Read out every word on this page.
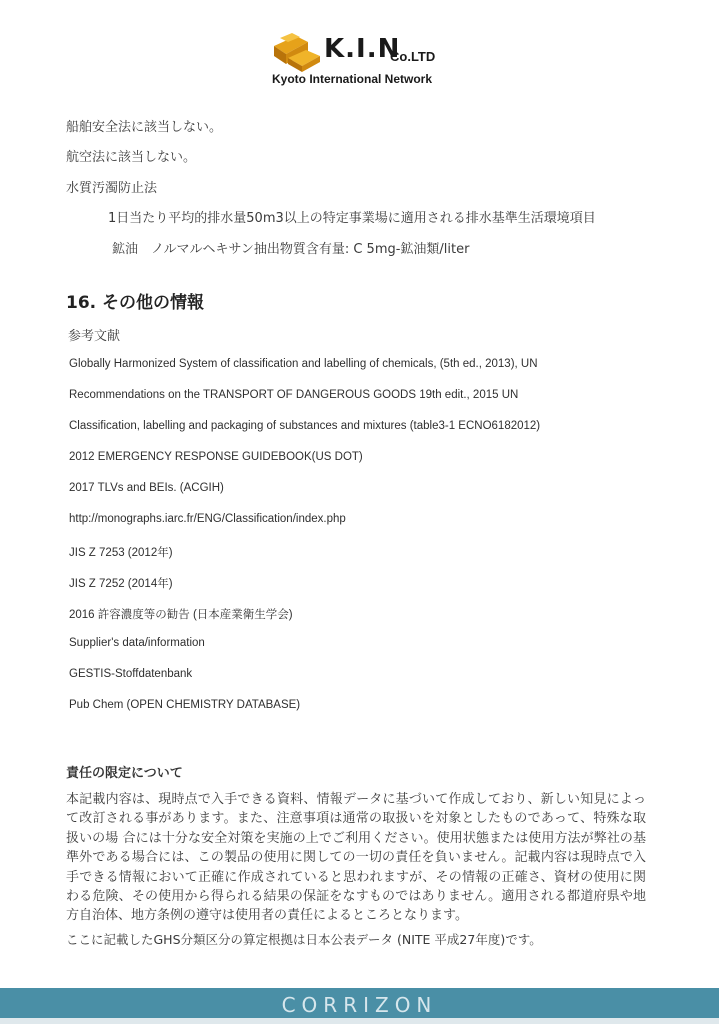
K.I.N
Co.LTD
Kyoto International Network
船舶安全法に該当しない。
航空法に該当しない。
水質汚濁防止法
1日当たり平均的排水量50m3以上の特定事業場に適用される排水基準生活環境項目
鉱油　ノルマルヘキサン抽出物質含有量: C 5mg-鉱油類/liter
16. その他の情報
参考文献
Globally Harmonized System of classification and labelling of chemicals, (5th ed., 2013), UN
Recommendations on the TRANSPORT OF DANGEROUS GOODS 19th edit., 2015 UN
Classification, labelling and packaging of substances and mixtures (table3-1 ECNO6182012)
2012 EMERGENCY RESPONSE GUIDEBOOK(US DOT)
2017 TLVs and BEIs. (ACGIH)
http://monographs.iarc.fr/ENG/Classification/index.php
JIS Z 7253 (2012年)
JIS Z 7252 (2014年)
2016 許容濃度等の勧告 (日本産業衛生学会)
Supplier's data/information
GESTIS-Stoffdatenbank
Pub Chem (OPEN CHEMISTRY DATABASE)
責任の限定について
本記載内容は、現時点で入手できる資料、情報データに基づいて作成しており、新しい知見によって改訂される事があります。また、注意事項は通常の取扱いを対象としたものであって、特殊な取扱いの場 合には十分な安全対策を実施の上でご利用ください。使用状態または使用方法が弊社の基準外である場合には、この製品の使用に関しての一切の責任を負いません。記載内容は現時点で入手できる情報において正確に作成されていると思われますが、その情報の正確さ、資材の使用に関わる危険、その使用から得られる結果の保証をなすものではありません。適用される都道府県や地方自治体、地方条例の遵守は使用者の責任によるところとなります。
ここに記載したGHS分類区分の算定根拠は日本公表データ (NITE 平成27年度)です。
CORRIZON
